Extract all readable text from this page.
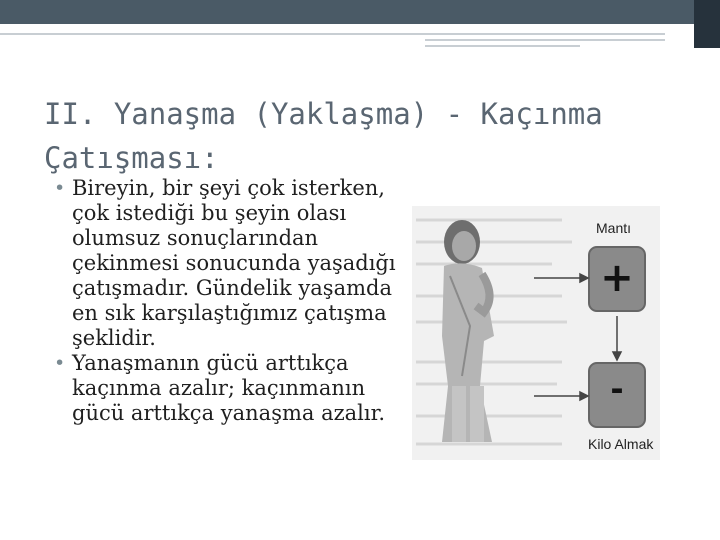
II. Yanaşma (Yaklaşma) - Kaçınma Çatışması:
• Bireyin, bir şeyi çok isterken, çok istediği bu şeyin olası olumsuz sonuçlarından çekinmesi sonucunda yaşadığı çatışmadır. Gündelik yaşamda en sık karşılaştığımız çatışma şeklidir.
• Yanaşmanın gücü arttıkça kaçınma azalır; kaçınmanın gücü arttıkça yanaşma azalır.
Mantı
+
-
Kilo Almak
